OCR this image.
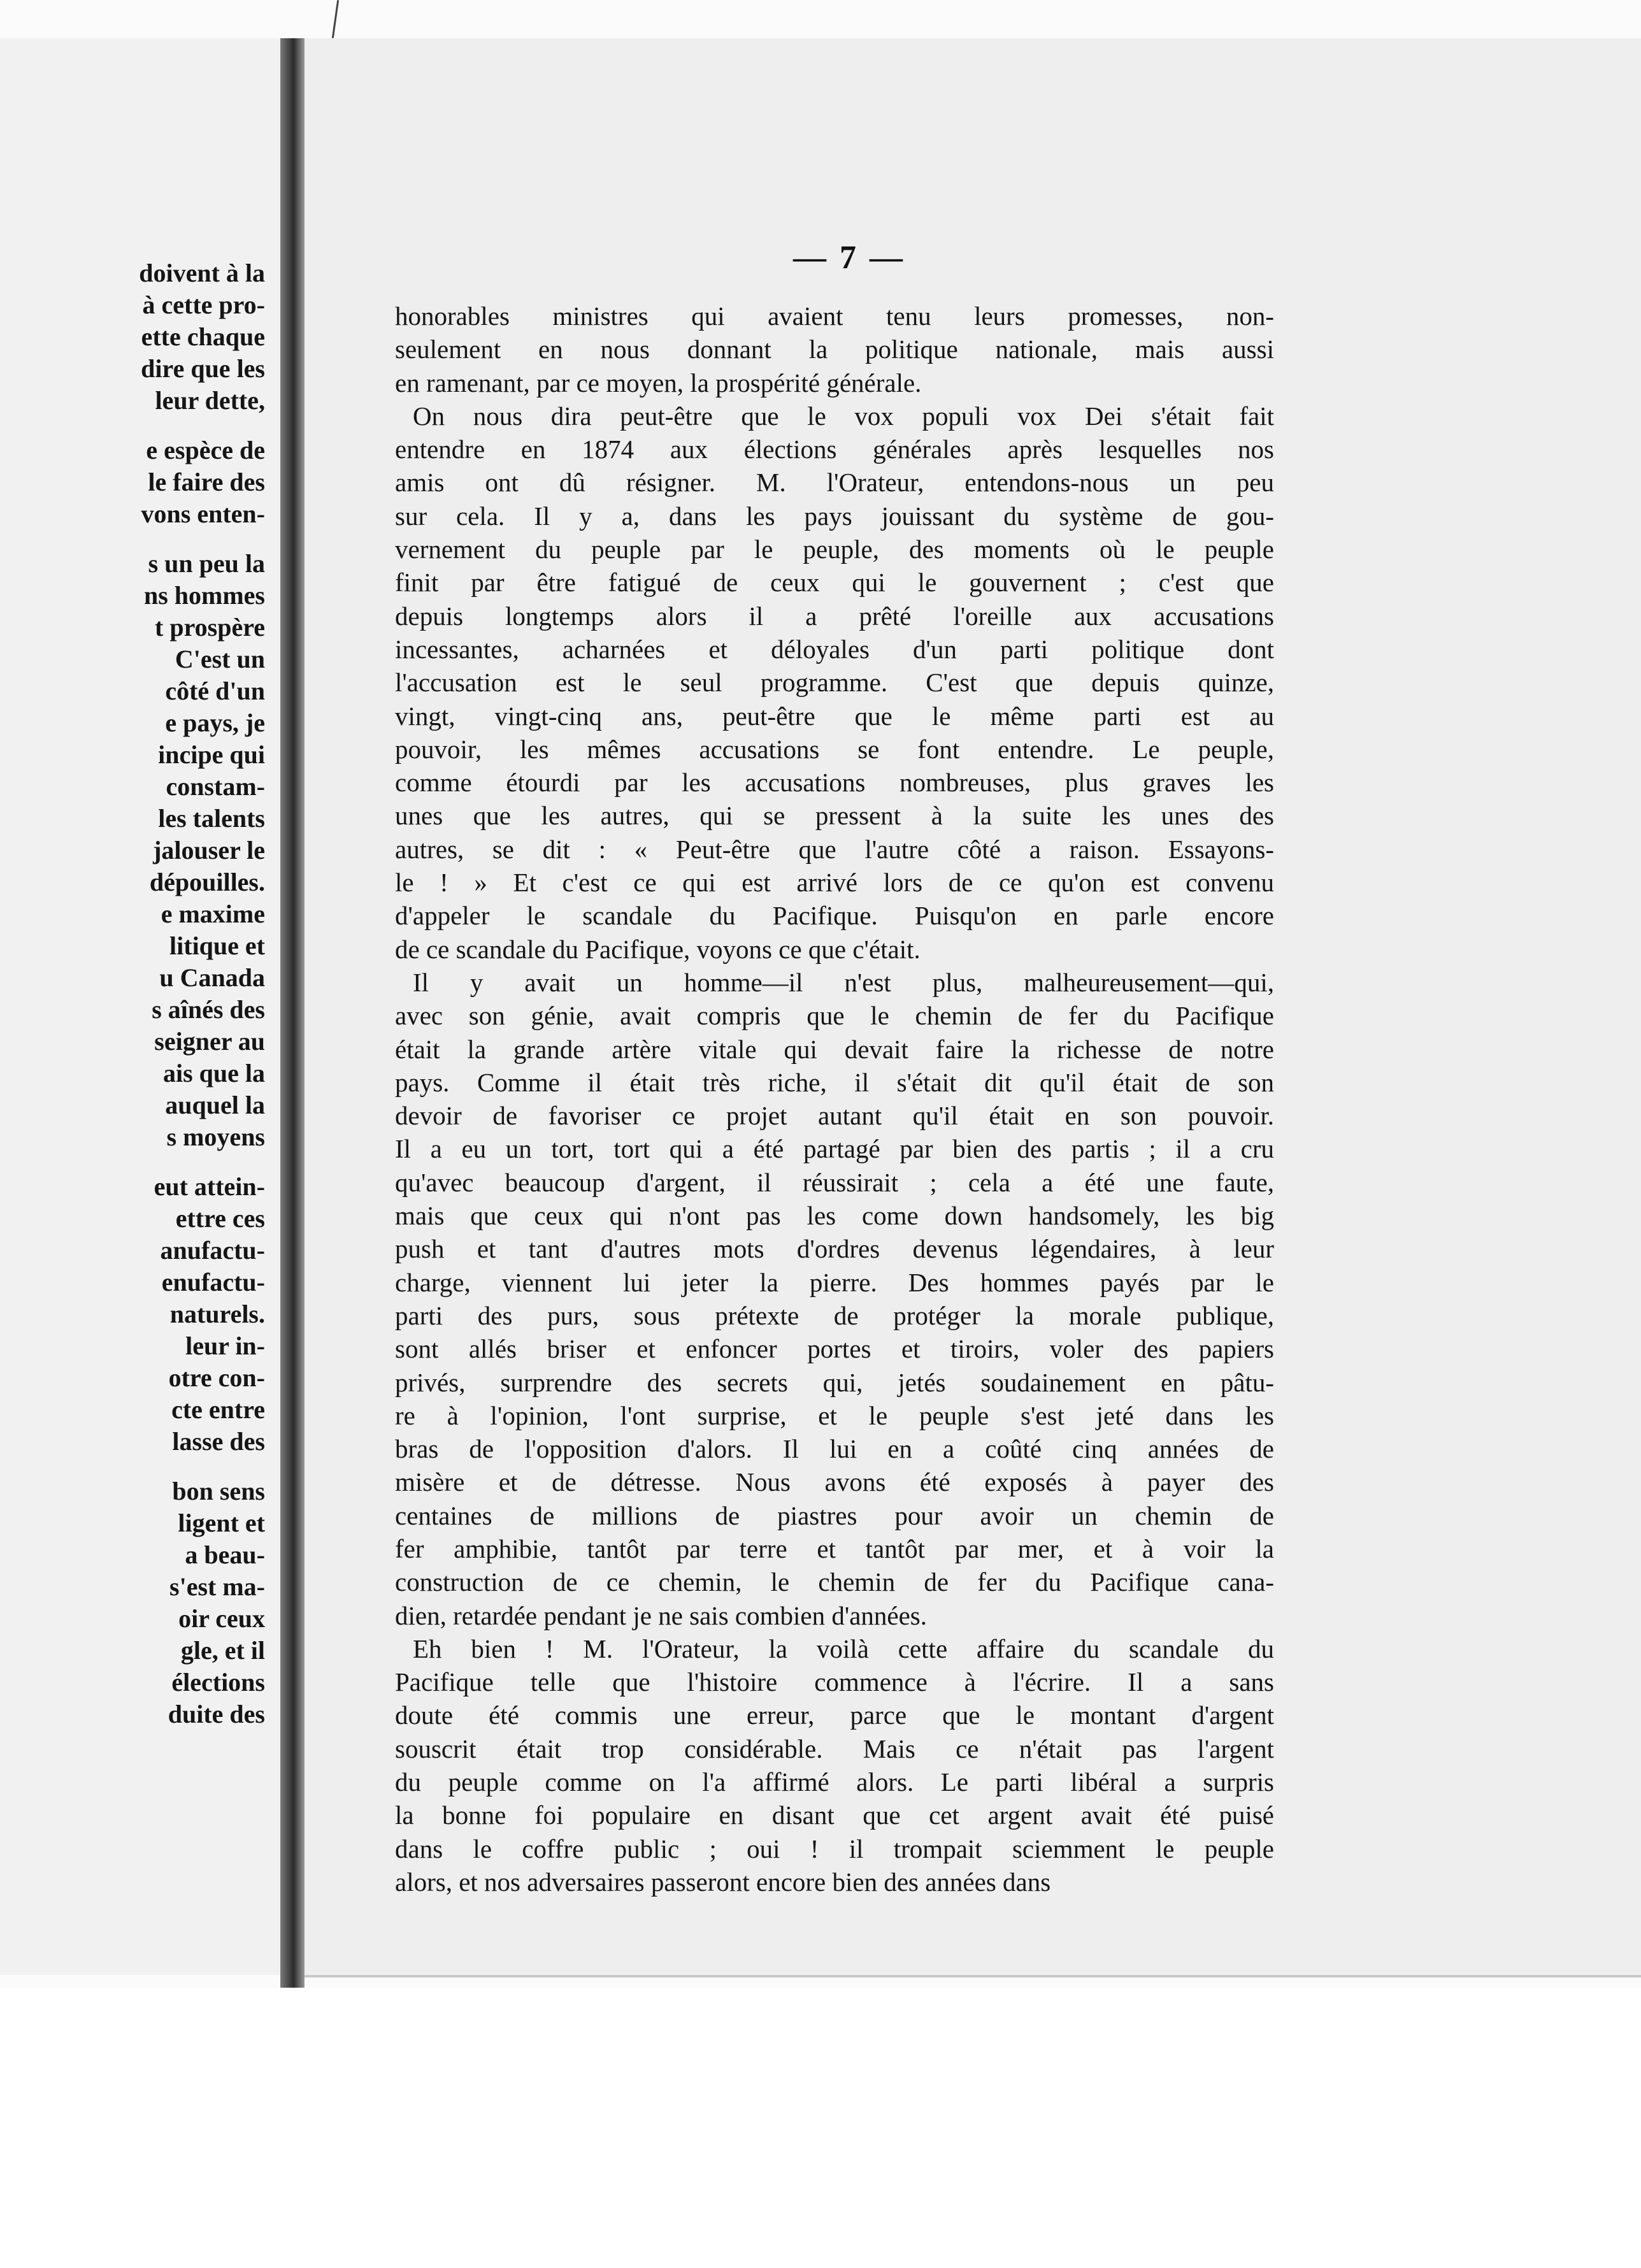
doivent à la
à cette pro-
ette chaque
dire que les
leur dette,
e espèce de
le faire des
vons enten-
s un peu la
ns hommes
t prospère
C'est un
côté d'un
e pays, je
incipe qui
constam-
les talents
jalouser le
dépouilles.
e maxime
litique et
u Canada
s aînés des
seigner au
ais que la
auquel la
s moyens
eut attein-
ettre ces
anufactu-
enufactu-
naturels.
leur in-
otre con-
cte entre
lasse des
bon sens
ligent et
a beau-
s'est ma-
oir ceux
gle, et il
élections
duite des
— 7 —
honorables ministres qui avaient tenu leurs promesses, non-
seulement en nous donnant la politique nationale, mais aussi
en ramenant, par ce moyen, la prospérité générale.
On nous dira peut-être que le vox populi vox Dei s'était fait
entendre en 1874 aux élections générales après lesquelles nos
amis ont dû résigner. M. l'Orateur, entendons-nous un peu
sur cela. Il y a, dans les pays jouissant du système de gou-
vernement du peuple par le peuple, des moments où le peuple
finit par être fatigué de ceux qui le gouvernent ; c'est que
depuis longtemps alors il a prêté l'oreille aux accusations
incessantes, acharnées et déloyales d'un parti politique dont
l'accusation est le seul programme. C'est que depuis quinze,
vingt, vingt-cinq ans, peut-être que le même parti est au
pouvoir, les mêmes accusations se font entendre. Le peuple,
comme étourdi par les accusations nombreuses, plus graves les
unes que les autres, qui se pressent à la suite les unes des
autres, se dit : « Peut-être que l'autre côté a raison. Essayons-
le ! » Et c'est ce qui est arrivé lors de ce qu'on est convenu
d'appeler le scandale du Pacifique. Puisqu'on en parle encore
de ce scandale du Pacifique, voyons ce que c'était.
Il y avait un homme—il n'est plus, malheureusement—qui,
avec son génie, avait compris que le chemin de fer du Pacifique
était la grande artère vitale qui devait faire la richesse de notre
pays. Comme il était très riche, il s'était dit qu'il était de son
devoir de favoriser ce projet autant qu'il était en son pouvoir.
Il a eu un tort, tort qui a été partagé par bien des partis ; il a cru
qu'avec beaucoup d'argent, il réussirait ; cela a été une faute,
mais que ceux qui n'ont pas les come down handsomely, les big
push et tant d'autres mots d'ordres devenus légendaires, à leur
charge, viennent lui jeter la pierre. Des hommes payés par le
parti des purs, sous prétexte de protéger la morale publique,
sont allés briser et enfoncer portes et tiroirs, voler des papiers
privés, surprendre des secrets qui, jetés soudainement en pâtu-
re à l'opinion, l'ont surprise, et le peuple s'est jeté dans les
bras de l'opposition d'alors. Il lui en a coûté cinq années de
misère et de détresse. Nous avons été exposés à payer des
centaines de millions de piastres pour avoir un chemin de
fer amphibie, tantôt par terre et tantôt par mer, et à voir la
construction de ce chemin, le chemin de fer du Pacifique cana-
dien, retardée pendant je ne sais combien d'années.
Eh bien ! M. l'Orateur, la voilà cette affaire du scandale du
Pacifique telle que l'histoire commence à l'écrire. Il a sans
doute été commis une erreur, parce que le montant d'argent
souscrit était trop considérable. Mais ce n'était pas l'argent
du peuple comme on l'a affirmé alors. Le parti libéral a surpris
la bonne foi populaire en disant que cet argent avait été puisé
dans le coffre public ; oui ! il trompait sciemment le peuple
alors, et nos adversaires passeront encore bien des années dans
